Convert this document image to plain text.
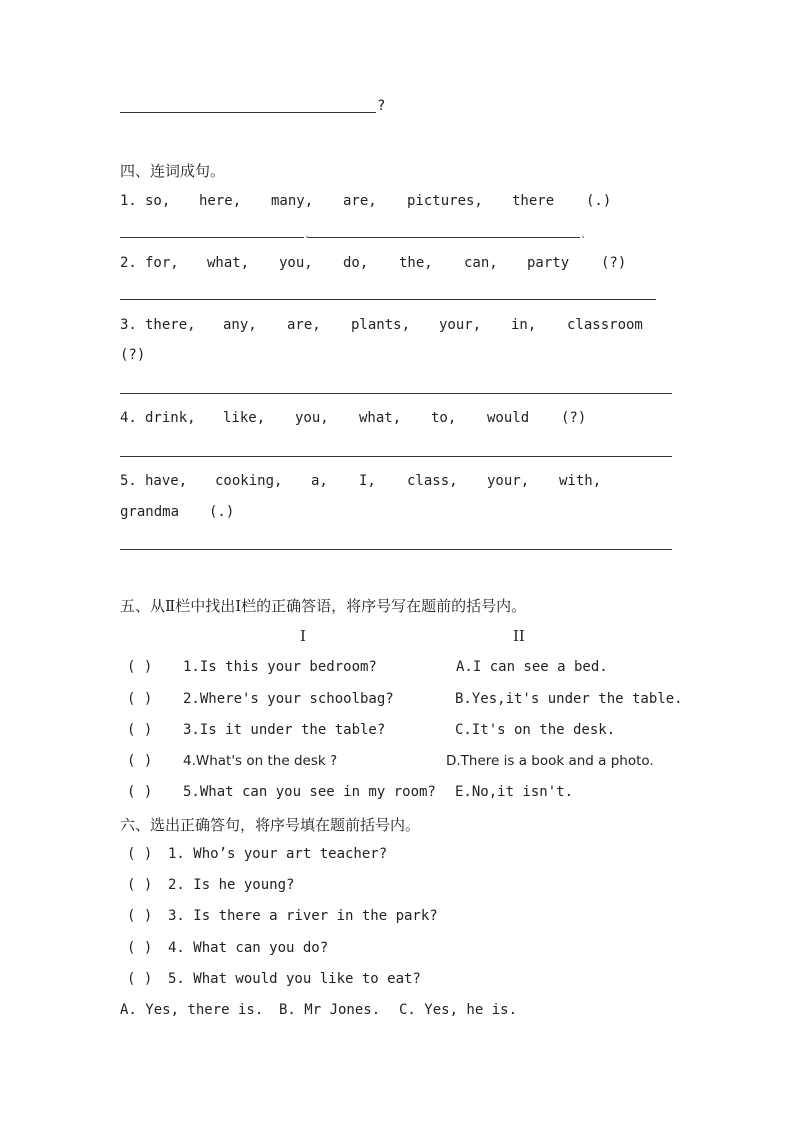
?
四、连词成句。
1. so, here, many, are, pictures, there (.)
.	.
2. for, what, you, do, the, can, party (?)
3. there, any, are, plants, your, in, classroom
(?)
4. drink, like, you, what, to, would (?)
5. have, cooking, a, I, class, your, with,
grandma (.)
五、从Ⅱ栏中找出Ⅰ栏的正确答语，将序号写在题前的括号内。
I	II
( ) 1.Is this your bedroom?	A.I can see a bed.
( ) 2.Where's your schoolbag?	B.Yes,it's under the table.
( ) 3.Is it under the table?	C.It's on the desk.
( ) 4.What's on the desk ?	D.There is a book and a photo.
( ) 5.What can you see in my room? E.No,it isn't.
六、选出正确答句，将序号填在题前括号内。
( ) 1. Who’s your art teacher?
( ) 2. Is he young?
( ) 3. Is there a river in the park?
( ) 4. What can you do?
( ) 5. What would you like to eat?
A. Yes, there is. B. Mr Jones. C. Yes, he is.
